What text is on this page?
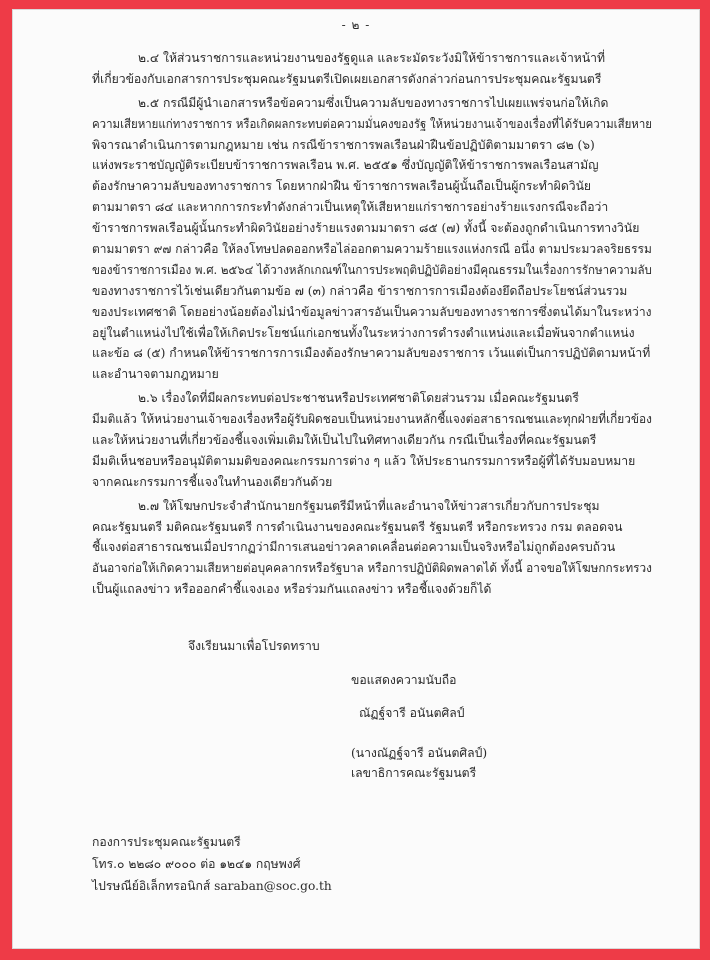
- ๒ -
๒.๔ ให้ส่วนราชการและหน่วยงานของรัฐดูแล และระมัดระวังมิให้ข้าราชการและเจ้าหน้าที่
ที่เกี่ยวข้องกับเอกสารการประชุมคณะรัฐมนตรีเปิดเผยเอกสารดังกล่าวก่อนการประชุมคณะรัฐมนตรี
๒.๕ กรณีมีผู้นำเอกสารหรือข้อความซึ่งเป็นความลับของทางราชการไปเผยแพร่จนก่อให้เกิด
ความเสียหายแก่ทางราชการ หรือเกิดผลกระทบต่อความมั่นคงของรัฐ ให้หน่วยงานเจ้าของเรื่องที่ได้รับความเสียหาย
พิจารณาดำเนินการตามกฎหมาย เช่น กรณีข้าราชการพลเรือนฝ่าฝืนข้อปฏิบัติตามมาตรา ๘๒ (๖)
แห่งพระราชบัญญัติระเบียบข้าราชการพลเรือน พ.ศ. ๒๕๕๑ ซึ่งบัญญัติให้ข้าราชการพลเรือนสามัญ
ต้องรักษาความลับของทางราชการ โดยหากฝ่าฝืน ข้าราชการพลเรือนผู้นั้นถือเป็นผู้กระทำผิดวินัย
ตามมาตรา ๘๔ และหากการกระทำดังกล่าวเป็นเหตุให้เสียหายแก่ราชการอย่างร้ายแรงกรณีจะถือว่า
ข้าราชการพลเรือนผู้นั้นกระทำผิดวินัยอย่างร้ายแรงตามมาตรา ๘๕ (๗) ทั้งนี้ จะต้องถูกดำเนินการทางวินัย
ตามมาตรา ๙๗ กล่าวคือ ให้ลงโทษปลดออกหรือไล่ออกตามความร้ายแรงแห่งกรณี อนึ่ง ตามประมวลจริยธรรม
ของข้าราชการเมือง พ.ศ. ๒๕๖๔ ได้วางหลักเกณฑ์ในการประพฤติปฏิบัติอย่างมีคุณธรรมในเรื่องการรักษาความลับ
ของทางราชการไว้เช่นเดียวกันตามข้อ ๗ (๓) กล่าวคือ ข้าราชการการเมืองต้องยึดถือประโยชน์ส่วนรวม
ของประเทศชาติ โดยอย่างน้อยต้องไม่นำข้อมูลข่าวสารอันเป็นความลับของทางราชการซึ่งตนได้มาในระหว่าง
อยู่ในตำแหน่งไปใช้เพื่อให้เกิดประโยชน์แก่เอกชนทั้งในระหว่างการดำรงตำแหน่งและเมื่อพ้นจากตำแหน่ง
และข้อ ๘ (๕) กำหนดให้ข้าราชการการเมืองต้องรักษาความลับของราชการ เว้นแต่เป็นการปฏิบัติตามหน้าที่
และอำนาจตามกฎหมาย
๒.๖ เรื่องใดที่มีผลกระทบต่อประชาชนหรือประเทศชาติโดยส่วนรวม เมื่อคณะรัฐมนตรี
มีมติแล้ว ให้หน่วยงานเจ้าของเรื่องหรือผู้รับผิดชอบเป็นหน่วยงานหลักชี้แจงต่อสาธารณชนและทุกฝ่ายที่เกี่ยวข้อง
และให้หน่วยงานที่เกี่ยวข้องชี้แจงเพิ่มเติมให้เป็นไปในทิศทางเดียวกัน กรณีเป็นเรื่องที่คณะรัฐมนตรี
มีมติเห็นชอบหรืออนุมัติตามมติของคณะกรรมการต่าง ๆ แล้ว ให้ประธานกรรมการหรือผู้ที่ได้รับมอบหมาย
จากคณะกรรมการชี้แจงในทำนองเดียวกันด้วย
๒.๗ ให้โฆษกประจำสำนักนายกรัฐมนตรีมีหน้าที่และอำนาจให้ข่าวสารเกี่ยวกับการประชุม
คณะรัฐมนตรี มติคณะรัฐมนตรี การดำเนินงานของคณะรัฐมนตรี รัฐมนตรี หรือกระทรวง กรม ตลอดจน
ชี้แจงต่อสาธารณชนเมื่อปรากฏว่ามีการเสนอข่าวคลาดเคลื่อนต่อความเป็นจริงหรือไม่ถูกต้องครบถ้วน
อันอาจก่อให้เกิดความเสียหายต่อบุคคลากรหรือรัฐบาล หรือการปฏิบัติผิดพลาดได้ ทั้งนี้ อาจขอให้โฆษกกระทรวง
เป็นผู้แถลงข่าว หรือออกคำชี้แจงเอง หรือร่วมกันแถลงข่าว หรือชี้แจงด้วยก็ได้
จึงเรียนมาเพื่อโปรดทราบ
ขอแสดงความนับถือ
ณัฏฐ์จารี อนันตศิลป์
(นางณัฏฐ์จารี อนันตศิลป์)
เลขาธิการคณะรัฐมนตรี
กองการประชุมคณะรัฐมนตรี
โทร.๐ ๒๒๘๐ ๙๐๐๐ ต่อ ๑๒๔๑ กฤษพงศ์
ไปรษณีย์อิเล็กทรอนิกส์ saraban@soc.go.th
